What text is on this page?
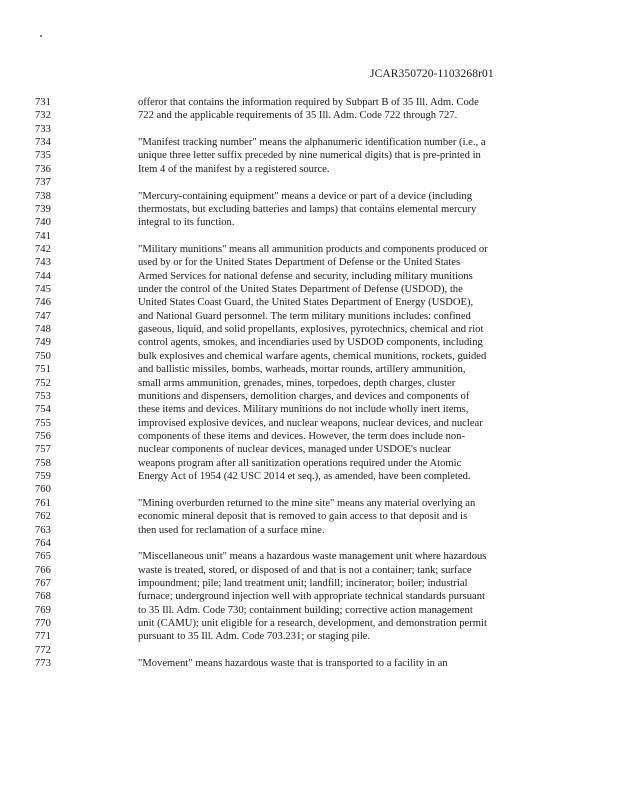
JCAR350720-1103268r01
731	offeror that contains the information required by Subpart B of 35 Ill. Adm. Code
732	722 and the applicable requirements of 35 Ill. Adm. Code 722 through 727.
733
734	"Manifest tracking number" means the alphanumeric identification number (i.e., a
735	unique three letter suffix preceded by nine numerical digits) that is pre-printed in
736	Item 4 of the manifest by a registered source.
737
738	"Mercury-containing equipment" means a device or part of a device (including
739	thermostats, but excluding batteries and lamps) that contains elemental mercury
740	integral to its function.
741
742	"Military munitions" means all ammunition products and components produced or
743	used by or for the United States Department of Defense or the United States
744	Armed Services for national defense and security, including military munitions
745	under the control of the United States Department of Defense (USDOD), the
746	United States Coast Guard, the United States Department of Energy (USDOE),
747	and National Guard personnel. The term military munitions includes: confined
748	gaseous, liquid, and solid propellants, explosives, pyrotechnics, chemical and riot
749	control agents, smokes, and incendiaries used by USDOD components, including
750	bulk explosives and chemical warfare agents, chemical munitions, rockets, guided
751	and ballistic missiles, bombs, warheads, mortar rounds, artillery ammunition,
752	small arms ammunition, grenades, mines, torpedoes, depth charges, cluster
753	munitions and dispensers, demolition charges, and devices and components of
754	these items and devices. Military munitions do not include wholly inert items,
755	improvised explosive devices, and nuclear weapons, nuclear devices, and nuclear
756	components of these items and devices. However, the term does include non-
757	nuclear components of nuclear devices, managed under USDOE's nuclear
758	weapons program after all sanitization operations required under the Atomic
759	Energy Act of 1954 (42 USC 2014 et seq.), as amended, have been completed.
760
761	"Mining overburden returned to the mine site" means any material overlying an
762	economic mineral deposit that is removed to gain access to that deposit and is
763	then used for reclamation of a surface mine.
764
765	"Miscellaneous unit" means a hazardous waste management unit where hazardous
766	waste is treated, stored, or disposed of and that is not a container; tank; surface
767	impoundment; pile; land treatment unit; landfill; incinerator; boiler; industrial
768	furnace; underground injection well with appropriate technical standards pursuant
769	to 35 Ill. Adm. Code 730; containment building; corrective action management
770	unit (CAMU); unit eligible for a research, development, and demonstration permit
771	pursuant to 35 Ill. Adm. Code 703.231; or staging pile.
772
773	"Movement" means hazardous waste that is transported to a facility in an
